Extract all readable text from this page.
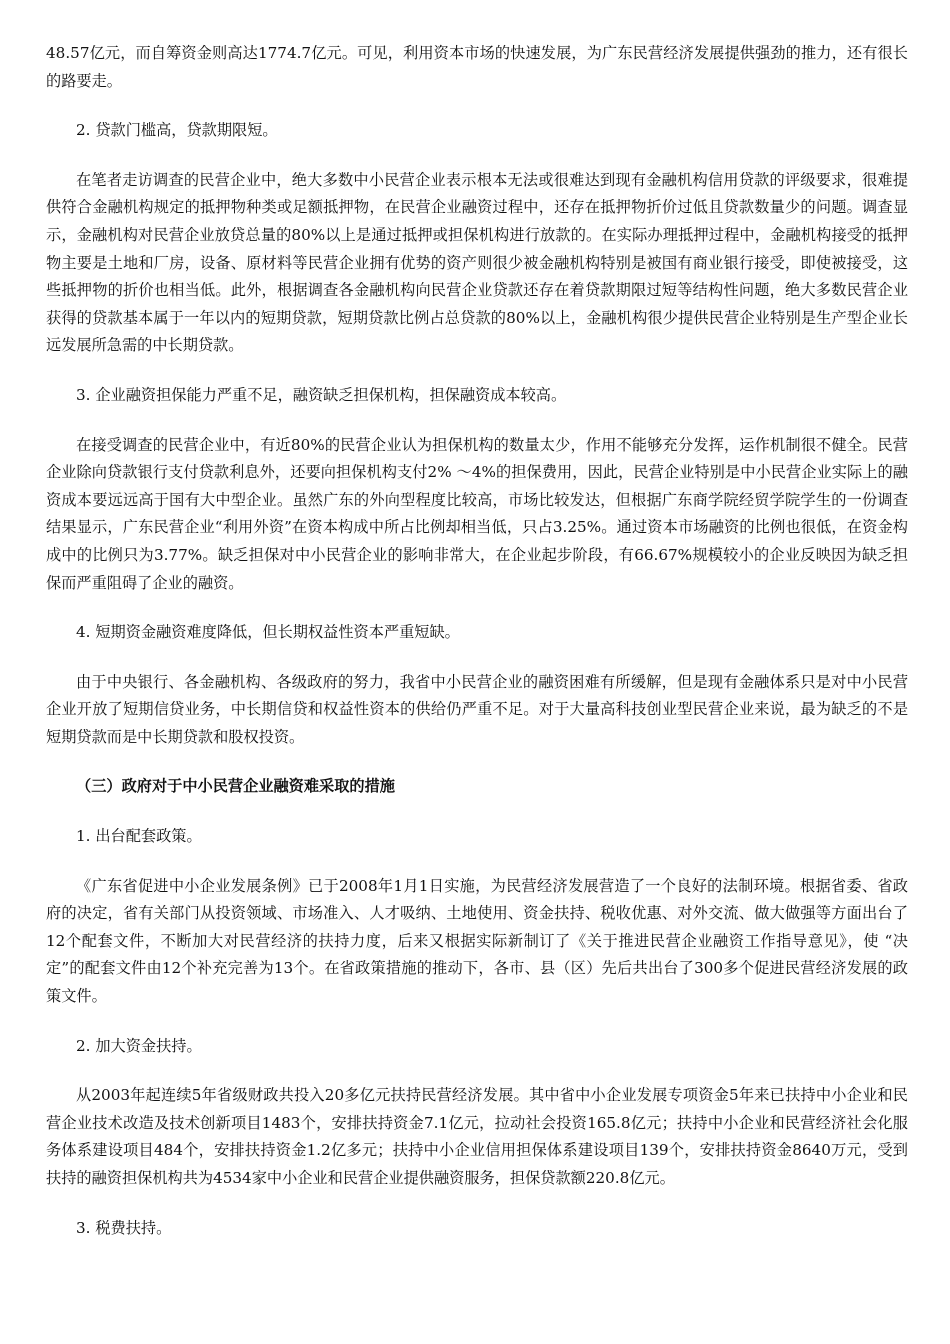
48.57亿元，而自筹资金则高达1774.7亿元。可见，利用资本市场的快速发展，为广东民营经济发展提供强劲的推力，还有很长的路要走。

2. 贷款门槛高，贷款期限短。

在笔者走访调查的民营企业中，绝大多数中小民营企业表示根本无法或很难达到现有金融机构信用贷款的评级要求，很难提供符合金融机构规定的抵押物种类或足额抵押物，在民营企业融资过程中，还存在抵押物折价过低且贷款数量少的问题。调查显示，金融机构对民营企业放贷总量的80%以上是通过抵押或担保机构进行放款的。在实际办理抵押过程中，金融机构接受的抵押物主要是土地和厂房，设备、原材料等民营企业拥有优势的资产则很少被金融机构特别是被国有商业银行接受，即使被接受，这些抵押物的折价也相当低。此外，根据调查各金融机构向民营企业贷款还存在着贷款期限过短等结构性问题，绝大多数民营企业获得的贷款基本属于一年以内的短期贷款，短期贷款比例占总贷款的80%以上，金融机构很少提供民营企业特别是生产型企业长远发展所急需的中长期贷款。

3. 企业融资担保能力严重不足，融资缺乏担保机构，担保融资成本较高。

在接受调查的民营企业中，有近80%的民营企业认为担保机构的数量太少，作用不能够充分发挥，运作机制很不健全。民营企业除向贷款银行支付贷款利息外，还要向担保机构支付2% ～4%的担保费用，因此，民营企业特别是中小民营企业实际上的融资成本要远远高于国有大中型企业。虽然广东的外向型程度比较高，市场比较发达，但根据广东商学院经贸学院学生的一份调查结果显示，广东民营企业“利用外资”在资本构成中所占比例却相当低，只占3.25%。通过资本市场融资的比例也很低，在资金构成中的比例只为3.77%。缺乏担保对中小民营企业的影响非常大，在企业起步阶段，有66.67%规模较小的企业反映因为缺乏担保而严重阻碍了企业的融资。

4. 短期资金融资难度降低，但长期权益性资本严重短缺。

由于中央银行、各金融机构、各级政府的努力，我省中小民营企业的融资困难有所缓解，但是现有金融体系只是对中小民营企业开放了短期信贷业务，中长期信贷和权益性资本的供给仍严重不足。对于大量高科技创业型民营企业来说，最为缺乏的不是短期贷款而是中长期贷款和股权投资。

（三）政府对于中小民营企业融资难采取的措施

1. 出台配套政策。

《广东省促进中小企业发展条例》已于2008年1月1日实施，为民营经济发展营造了一个良好的法制环境。根据省委、省政府的决定，省有关部门从投资领域、市场准入、人才吸纳、土地使用、资金扶持、税收优惠、对外交流、做大做强等方面出台了12个配套文件，不断加大对民营经济的扶持力度，后来又根据实际新制订了《关于推进民营企业融资工作指导意见》，使 “决定”的配套文件由12个补充完善为13个。在省政策措施的推动下，各市、县（区）先后共出台了300多个促进民营经济发展的政策文件。

2. 加大资金扶持。

从2003年起连续5年省级财政共投入20多亿元扶持民营经济发展。其中省中小企业发展专项资金5年来已扶持中小企业和民营企业技术改造及技术创新项目1483个，安排扶持资金7.1亿元，拉动社会投资165.8亿元；扶持中小企业和民营经济社会化服务体系建设项目484个，安排扶持资金1.2亿多元；扶持中小企业信用担保体系建设项目139个，安排扶持资金8640万元，受到扶持的融资担保机构共为4534家中小企业和民营企业提供融资服务，担保贷款额220.8亿元。

3. 税费扶持。
